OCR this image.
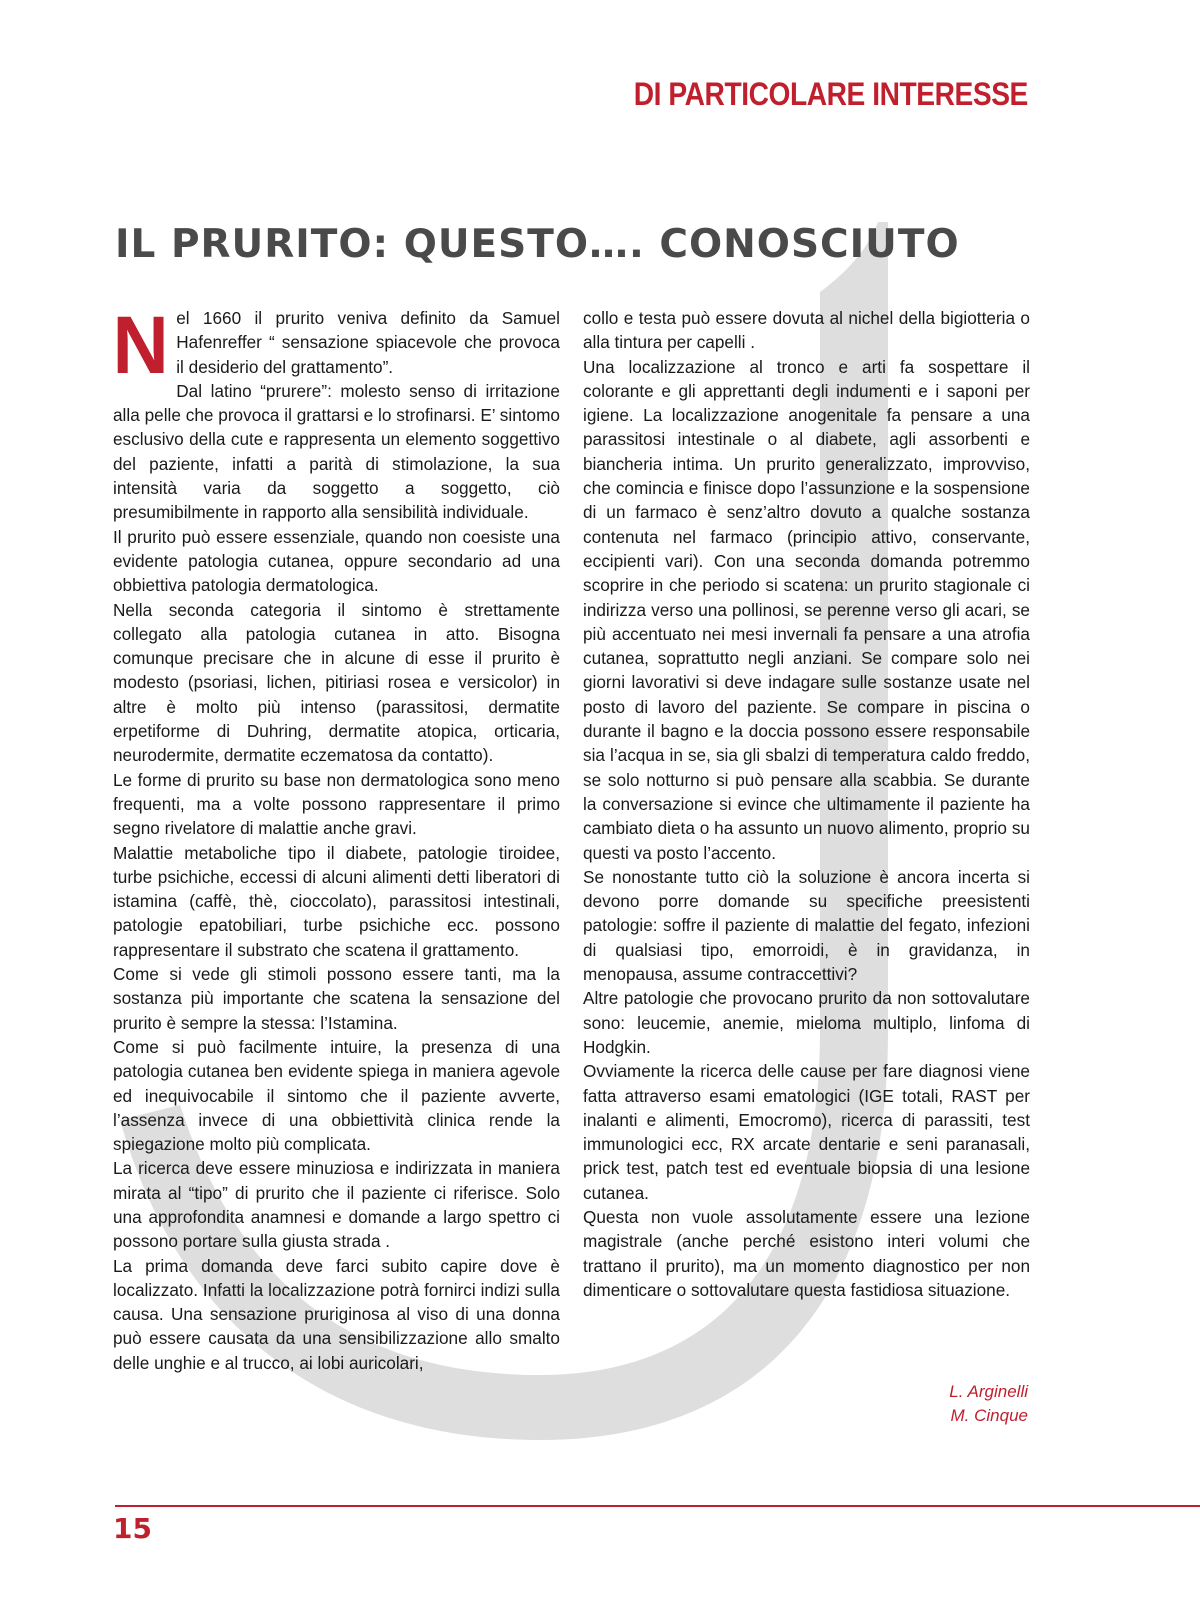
DI PARTICOLARE INTERESSE
IL PRURITO: QUESTO…. CONOSCIUTO

Nel 1660 il prurito veniva definito da Samuel Hafenreffer “ sensazione spiacevole che provoca il desiderio del grattamento”.

Dal latino “prurere”: molesto senso di irritazione alla pelle che provoca il grattarsi e lo strofinarsi. E’ sintomo esclusivo della cute e rappresenta un elemento soggettivo del paziente, infatti a parità di stimolazione, la sua intensità varia da soggetto a soggetto, ciò presumibilmente in rapporto alla sensibilità individuale.

Il prurito può essere essenziale, quando non coesiste una evidente patologia cutanea, oppure secondario ad una obbiettiva patologia dermatologica.

Nella seconda categoria il sintomo è strettamente collegato alla patologia cutanea in atto. Bisogna comunque precisare che in alcune di esse il prurito è modesto (psoriasi, lichen, pitiriasi rosea e versicolor) in altre è molto più intenso (parassitosi, dermatite erpetiforme di Duhring, dermatite atopica, orticaria, neurodermite, dermatite eczematosa da contatto).

Le forme di prurito su base non dermatologica sono meno frequenti, ma a volte possono rappresentare il primo segno rivelatore di malattie anche gravi.

Malattie metaboliche tipo il diabete, patologie tiroidee, turbe psichiche, eccessi di alcuni alimenti detti liberatori di istamina (caffè, thè, cioccolato), parassitosi intestinali, patologie epatobiliari, turbe psichiche ecc. possono rappresentare il substrato che scatena il grattamento.

Come si vede gli stimoli possono essere tanti, ma la sostanza più importante che scatena la sensazione del prurito è sempre la stessa: l’Istamina.

Come si può facilmente intuire, la presenza di una patologia cutanea ben evidente spiega in maniera agevole ed inequivocabile il sintomo che il paziente avverte, l’assenza invece di una obbiettività clinica rende la spiegazione molto più complicata.

La ricerca deve essere minuziosa e indirizzata in maniera mirata al “tipo” di prurito che il paziente ci riferisce. Solo una approfondita anamnesi e domande a largo spettro ci possono portare sulla giusta strada .

La prima domanda deve farci subito capire dove è localizzato. Infatti la localizzazione potrà fornirci indizi sulla causa. Una sensazione pruriginosa al viso di una donna può essere causata da una sensibilizzazione allo smalto delle unghie e al trucco, ai lobi auricolari,

collo e testa può essere dovuta al nichel della bigiotteria o alla tintura per capelli .

Una localizzazione al tronco e arti fa sospettare il colorante e gli apprettanti degli indumenti e i saponi per igiene. La localizzazione anogenitale fa pensare a una parassitosi intestinale o al diabete, agli assorbenti e biancheria intima. Un prurito generalizzato, improvviso, che comincia e finisce dopo l’assunzione e la sospensione di un farmaco è senz’altro dovuto a qualche sostanza contenuta nel farmaco (principio attivo, conservante, eccipienti vari). Con una seconda domanda potremmo scoprire in che periodo si scatena: un prurito stagionale ci indirizza verso una pollinosi, se perenne verso gli acari, se più accentuato nei mesi invernali fa pensare a una atrofia cutanea, soprattutto negli anziani. Se compare solo nei giorni lavorativi si deve indagare sulle sostanze usate nel posto di lavoro del paziente. Se compare in piscina o durante il bagno e la doccia possono essere responsabile sia l’acqua in se, sia gli sbalzi di temperatura caldo freddo, se solo notturno si può pensare alla scabbia. Se durante la conversazione si evince che ultimamente il paziente ha cambiato dieta o ha assunto un nuovo alimento, proprio su questi va posto l’accento.

Se nonostante tutto ciò la soluzione è ancora incerta si devono porre domande su specifiche preesistenti patologie: soffre il paziente di malattie del fegato, infezioni di qualsiasi tipo, emorroidi, è in gravidanza, in menopausa, assume contraccettivi?

Altre patologie che provocano prurito da non sottovalutare sono: leucemie, anemie, mieloma multiplo, linfoma di Hodgkin.

Ovviamente la ricerca delle cause per fare diagnosi viene fatta attraverso esami ematologici (IGE totali, RAST per inalanti e alimenti, Emocromo), ricerca di parassiti, test immunologici ecc, RX arcate dentarie e seni paranasali, prick test, patch test ed eventuale biopsia di una lesione cutanea.

Questa non vuole assolutamente essere una lezione magistrale (anche perché esistono interi volumi che trattano il prurito), ma un momento diagnostico per non dimenticare o sottovalutare questa fastidiosa situazione.

L. Arginelli
M. Cinque

15
